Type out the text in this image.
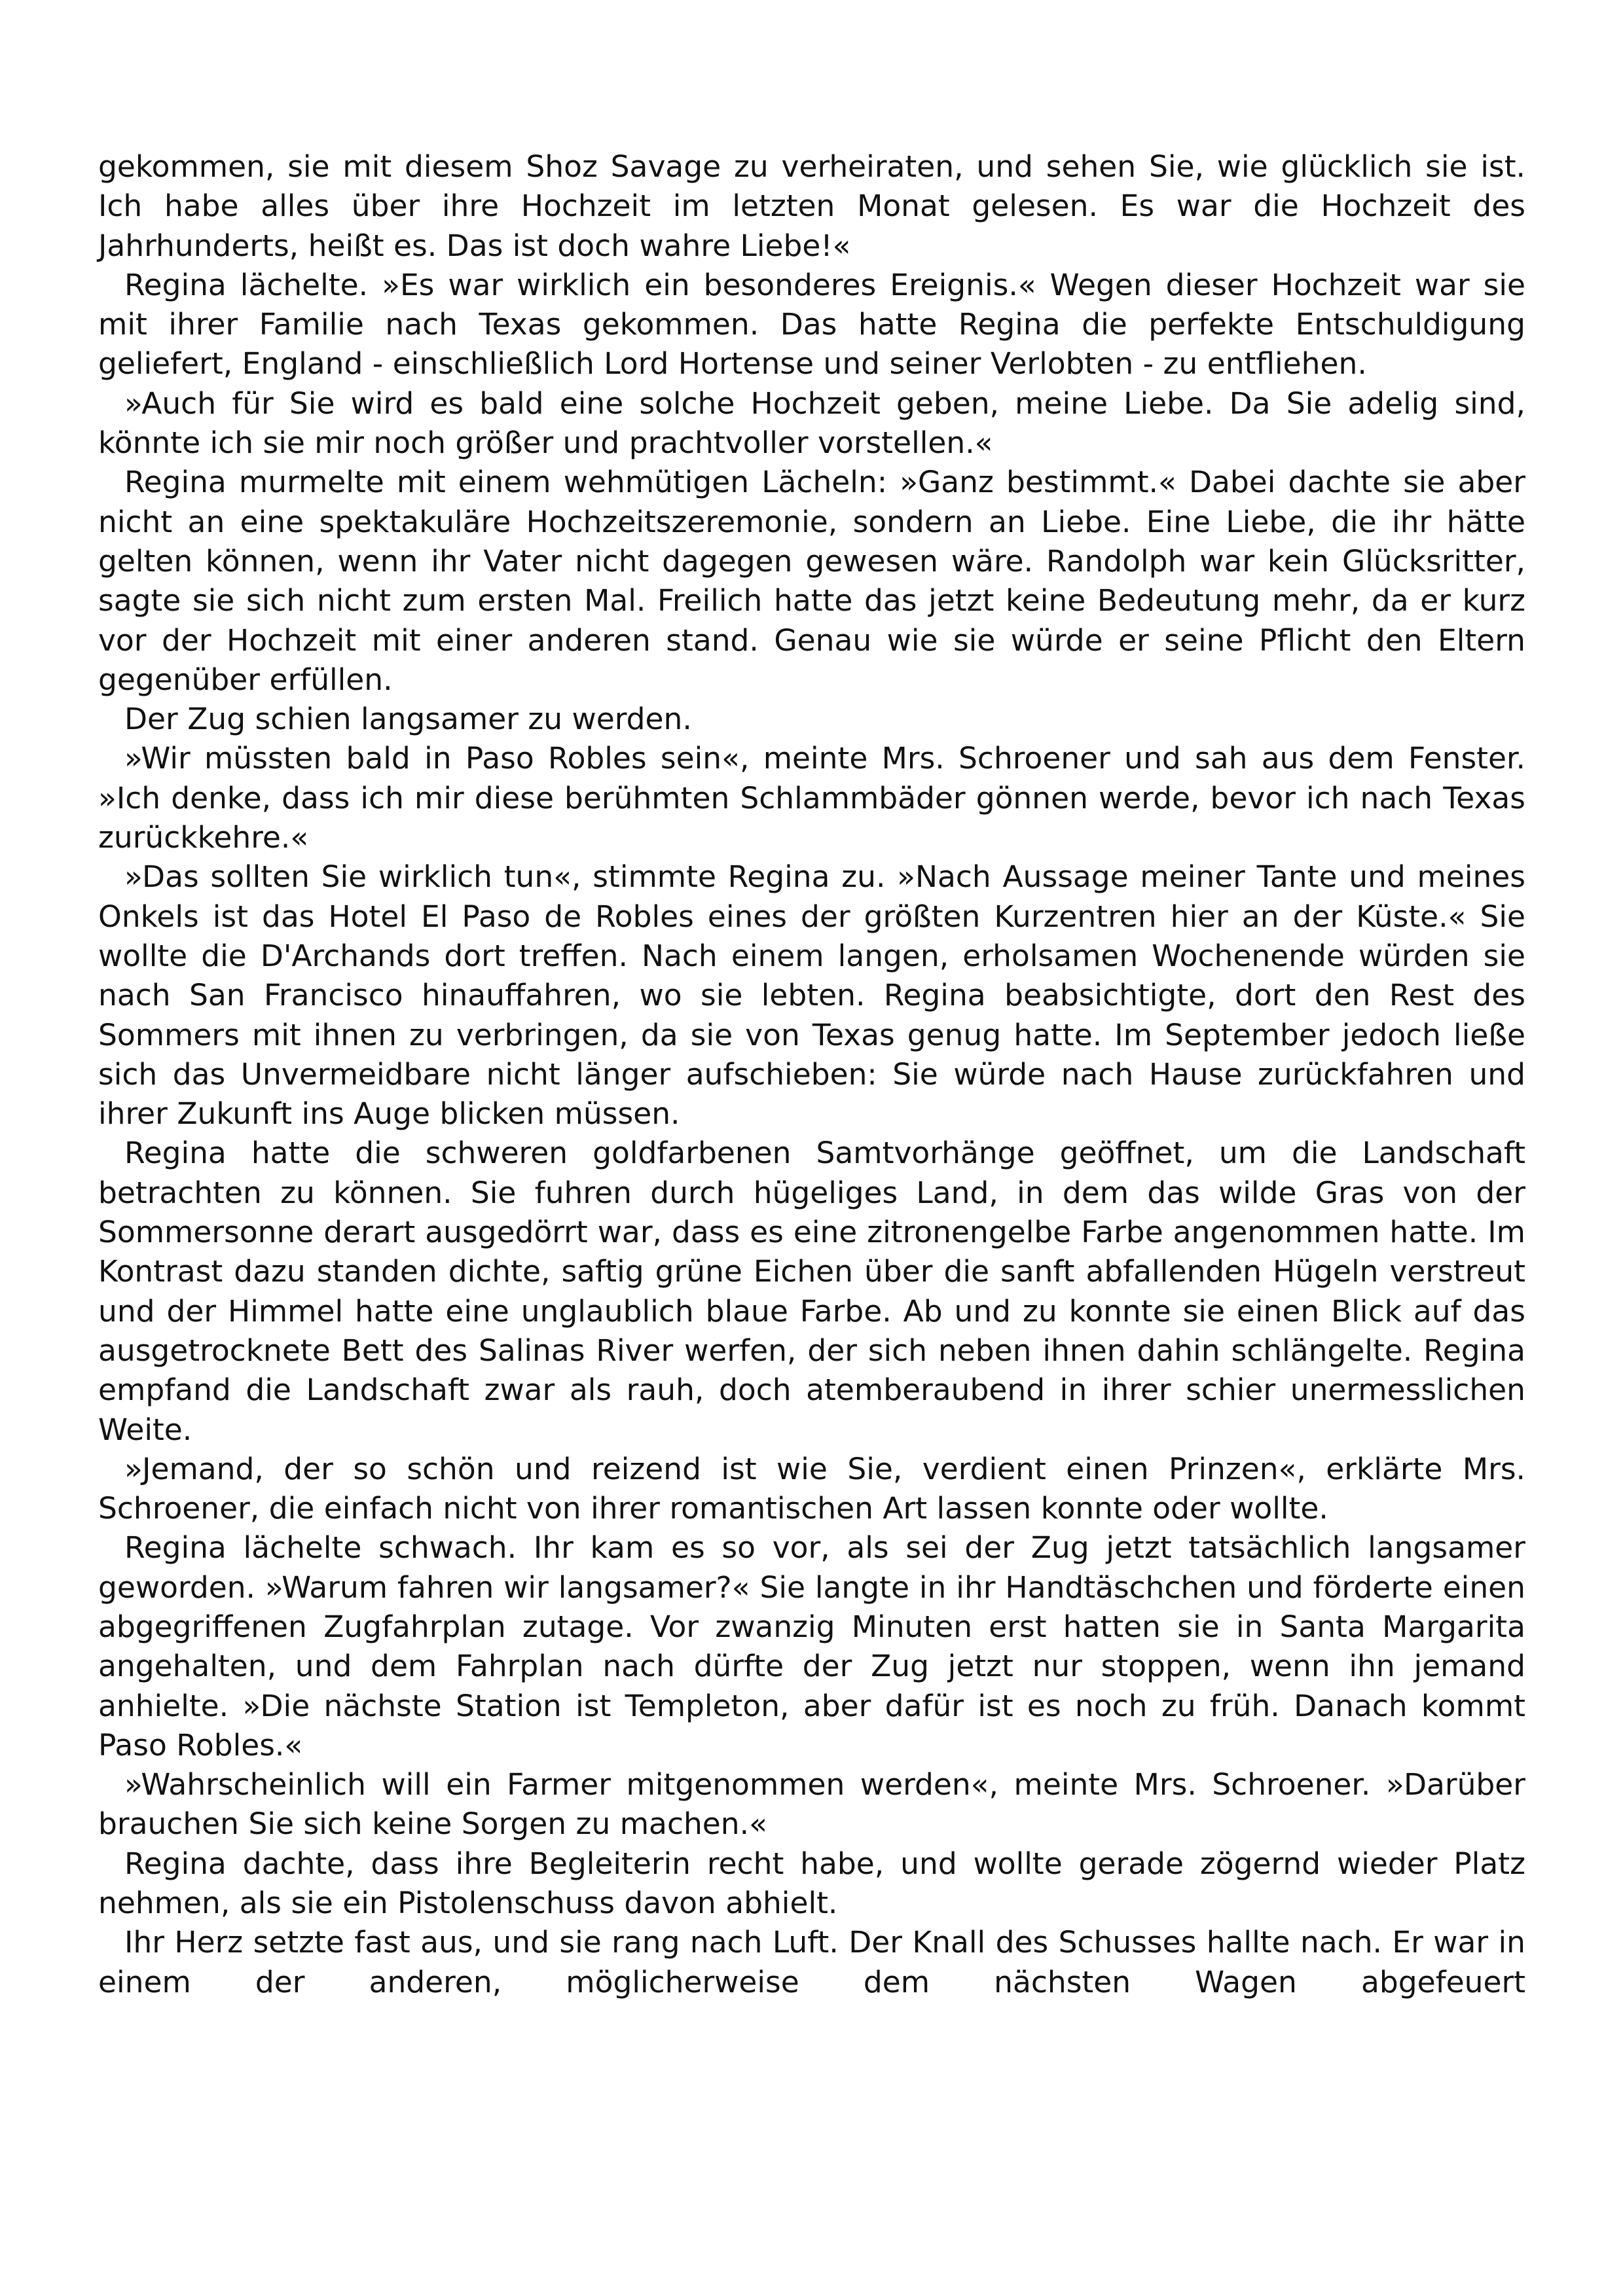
gekommen, sie mit diesem Shoz Savage zu verheiraten, und sehen Sie, wie glücklich sie ist. Ich habe alles über ihre Hochzeit im letzten Monat gelesen. Es war die Hochzeit des Jahrhunderts, heißt es. Das ist doch wahre Liebe!«

Regina lächelte. »Es war wirklich ein besonderes Ereignis.« Wegen dieser Hochzeit war sie mit ihrer Familie nach Texas gekommen. Das hatte Regina die perfekte Entschuldigung geliefert, England - einschließlich Lord Hortense und seiner Verlobten - zu entfliehen.

»Auch für Sie wird es bald eine solche Hochzeit geben, meine Liebe. Da Sie adelig sind, könnte ich sie mir noch größer und prachtvoller vorstellen.«

Regina murmelte mit einem wehmütigen Lächeln: »Ganz bestimmt.« Dabei dachte sie aber nicht an eine spektakuläre Hochzeitszeremonie, sondern an Liebe. Eine Liebe, die ihr hätte gelten können, wenn ihr Vater nicht dagegen gewesen wäre. Randolph war kein Glücksritter, sagte sie sich nicht zum ersten Mal. Freilich hatte das jetzt keine Bedeutung mehr, da er kurz vor der Hochzeit mit einer anderen stand. Genau wie sie würde er seine Pflicht den Eltern gegenüber erfüllen.

Der Zug schien langsamer zu werden.

»Wir müssten bald in Paso Robles sein«, meinte Mrs. Schroener und sah aus dem Fenster. »Ich denke, dass ich mir diese berühmten Schlammbäder gönnen werde, bevor ich nach Texas zurückkehre.«

»Das sollten Sie wirklich tun«, stimmte Regina zu. »Nach Aussage meiner Tante und meines Onkels ist das Hotel El Paso de Robles eines der größten Kurzentren hier an der Küste.« Sie wollte die D'Archands dort treffen. Nach einem langen, erholsamen Wochenende würden sie nach San Francisco hinauffahren, wo sie lebten. Regina beabsichtigte, dort den Rest des Sommers mit ihnen zu verbringen, da sie von Texas genug hatte. Im September jedoch ließe sich das Unvermeidbare nicht länger aufschieben: Sie würde nach Hause zurückfahren und ihrer Zukunft ins Auge blicken müssen.

Regina hatte die schweren goldfarbenen Samtvorhänge geöffnet, um die Landschaft betrachten zu können. Sie fuhren durch hügeliges Land, in dem das wilde Gras von der Sommersonne derart ausgedörrt war, dass es eine zitronengelbe Farbe angenommen hatte. Im Kontrast dazu standen dichte, saftig grüne Eichen über die sanft abfallenden Hügeln verstreut und der Himmel hatte eine unglaublich blaue Farbe. Ab und zu konnte sie einen Blick auf das ausgetrocknete Bett des Salinas River werfen, der sich neben ihnen dahin schlängelte. Regina empfand die Landschaft zwar als rauh, doch atemberaubend in ihrer schier unermesslichen Weite.

»Jemand, der so schön und reizend ist wie Sie, verdient einen Prinzen«, erklärte Mrs. Schroener, die einfach nicht von ihrer romantischen Art lassen konnte oder wollte.

Regina lächelte schwach. Ihr kam es so vor, als sei der Zug jetzt tatsächlich langsamer geworden. »Warum fahren wir langsamer?« Sie langte in ihr Handtäschchen und förderte einen abgegriffenen Zugfahrplan zutage. Vor zwanzig Minuten erst hatten sie in Santa Margarita angehalten, und dem Fahrplan nach dürfte der Zug jetzt nur stoppen, wenn ihn jemand anhielte. »Die nächste Station ist Templeton, aber dafür ist es noch zu früh. Danach kommt Paso Robles.«

»Wahrscheinlich will ein Farmer mitgenommen werden«, meinte Mrs. Schroener. »Darüber brauchen Sie sich keine Sorgen zu machen.«

Regina dachte, dass ihre Begleiterin recht habe, und wollte gerade zögernd wieder Platz nehmen, als sie ein Pistolenschuss davon abhielt.

Ihr Herz setzte fast aus, und sie rang nach Luft. Der Knall des Schusses hallte nach. Er war in einem der anderen, möglicherweise dem nächsten Wagen abgefeuert
